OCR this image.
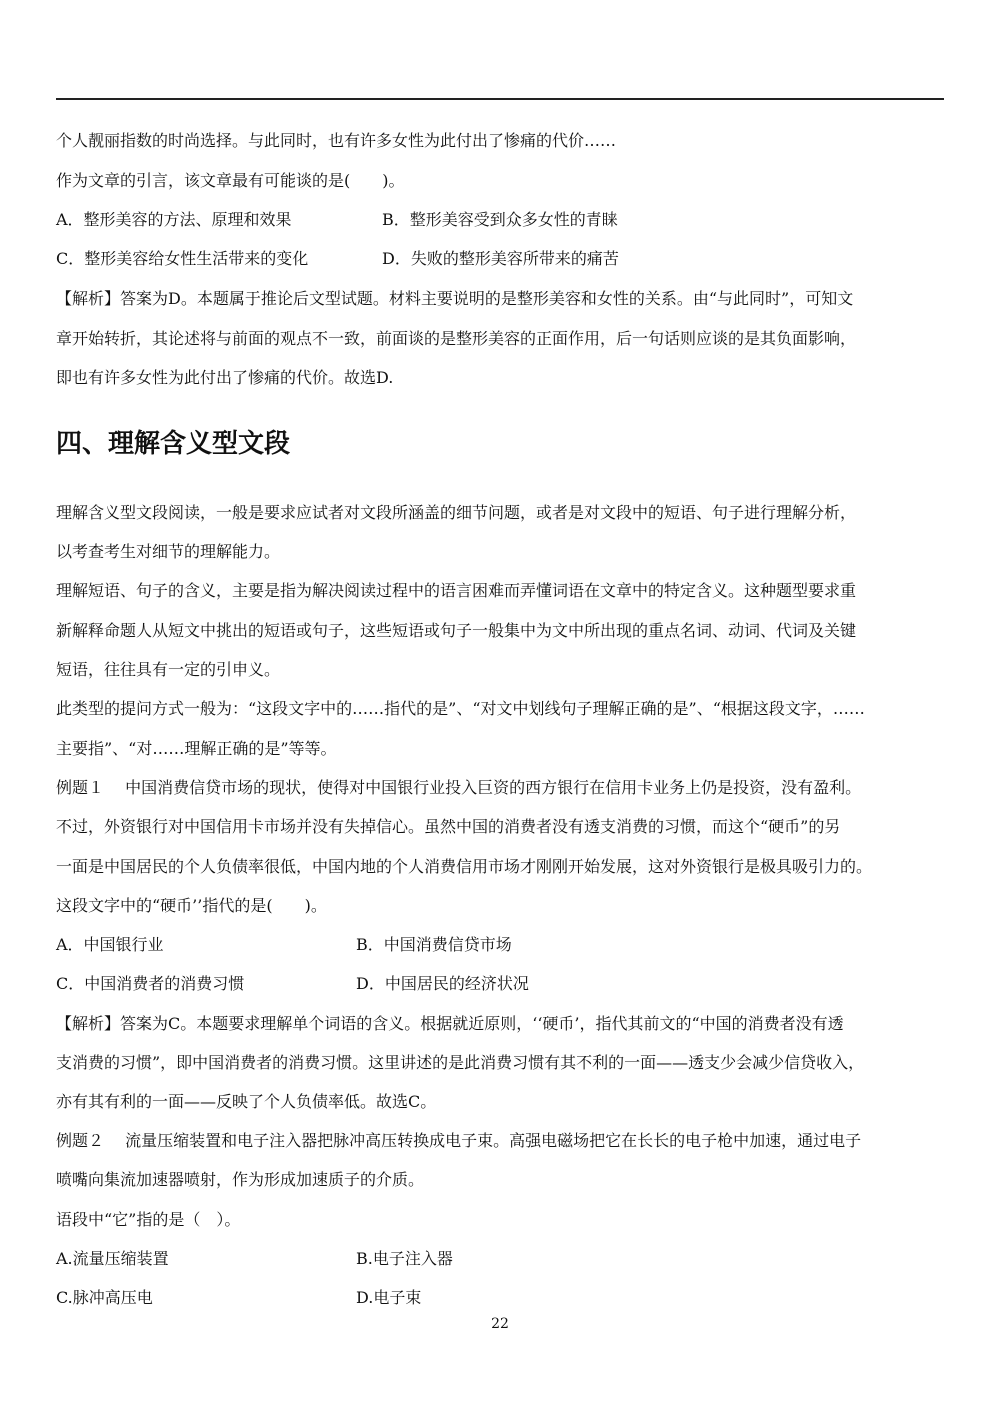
个人靓丽指数的时尚选择。与此同时，也有许多女性为此付出了惨痛的代价……
作为文章的引言，该文章最有可能谈的是(　　)。
A．整形美容的方法、原理和效果	B．整形美容受到众多女性的青睐
C．整形美容给女性生活带来的变化	D．失败的整形美容所带来的痛苦
【解析】答案为D。本题属于推论后文型试题。材料主要说明的是整形美容和女性的关系。由“与此同时”，可知文
章开始转折，其论述将与前面的观点不一致，前面谈的是整形美容的正面作用，后一句话则应谈的是其负面影响，
即也有许多女性为此付出了惨痛的代价。故选D.
四、理解含义型文段
理解含义型文段阅读，一般是要求应试者对文段所涵盖的细节问题，或者是对文段中的短语、句子进行理解分析，
以考查考生对细节的理解能力。
理解短语、句子的含义，主要是指为解决阅读过程中的语言困难而弄懂词语在文章中的特定含义。这种题型要求重
新解释命题人从短文中挑出的短语或句子，这些短语或句子一般集中为文中所出现的重点名词、动词、代词及关键
短语，往往具有一定的引申义。
此类型的提问方式一般为：“这段文字中的……指代的是”、“对文中划线句子理解正确的是”、“根据这段文字，……
主要指”、“对……理解正确的是”等等。
例题１　 中国消费信贷市场的现状，使得对中国银行业投入巨资的西方银行在信用卡业务上仍是投资，没有盈利。
不过，外资银行对中国信用卡市场并没有失掉信心。虽然中国的消费者没有透支消费的习惯，而这个“硬币”的另
一面是中国居民的个人负债率很低，中国内地的个人消费信用市场才刚刚开始发展，这对外资银行是极具吸引力的。
这段文字中的“硬币’’指代的是(　　)。
A．中国银行业	B．中国消费信贷市场
C．中国消费者的消费习惯	D．中国居民的经济状况
【解析】答案为C。本题要求理解单个词语的含义。根据就近原则，‘‘硬币’，指代其前文的“中国的消费者没有透
支消费的习惯”，即中国消费者的消费习惯。这里讲述的是此消费习惯有其不利的一面——透支少会减少信贷收入，
亦有其有利的一面——反映了个人负债率低。故选C。
例题２　 流量压缩装置和电子注入器把脉冲高压转换成电子束。高强电磁场把它在长长的电子枪中加速，通过电子
喷嘴向集流加速器喷射，作为形成加速质子的介质。
语段中“它”指的是（　）。
A.流量压缩装置	B.电子注入器
C.脉冲高压电	D.电子束
22
